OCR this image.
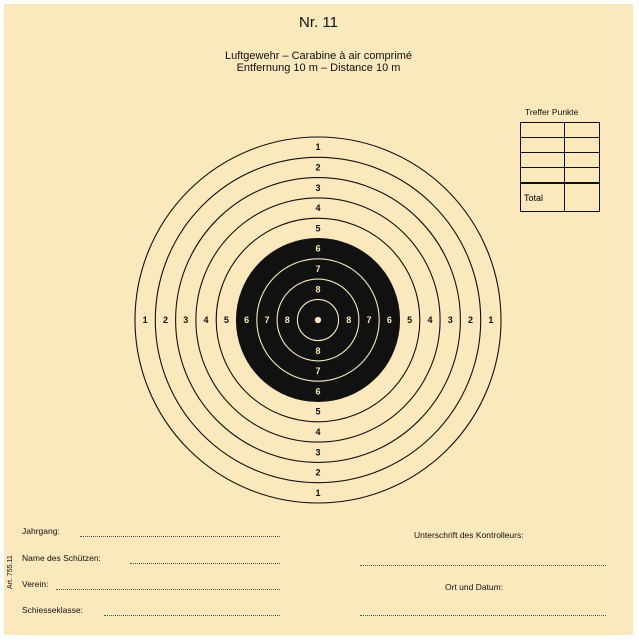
Nr. 11
Luftgewehr – Carabine à air comprimé
Entfernung 10 m – Distance 10 m
Treffer Punkte

Total	
1
1
2
2
3
3
4
4
5
5
6
6
7
7
8
8
1	1
2	2
3	3
4	4
5	5
6	6
7	7
8	8
Jahrgang:
Name des Schützen:
Verein:
Schiesseklasse:
Unterschrift des Kontrolleurs:
Ort und Datum:
Art. 755.11
